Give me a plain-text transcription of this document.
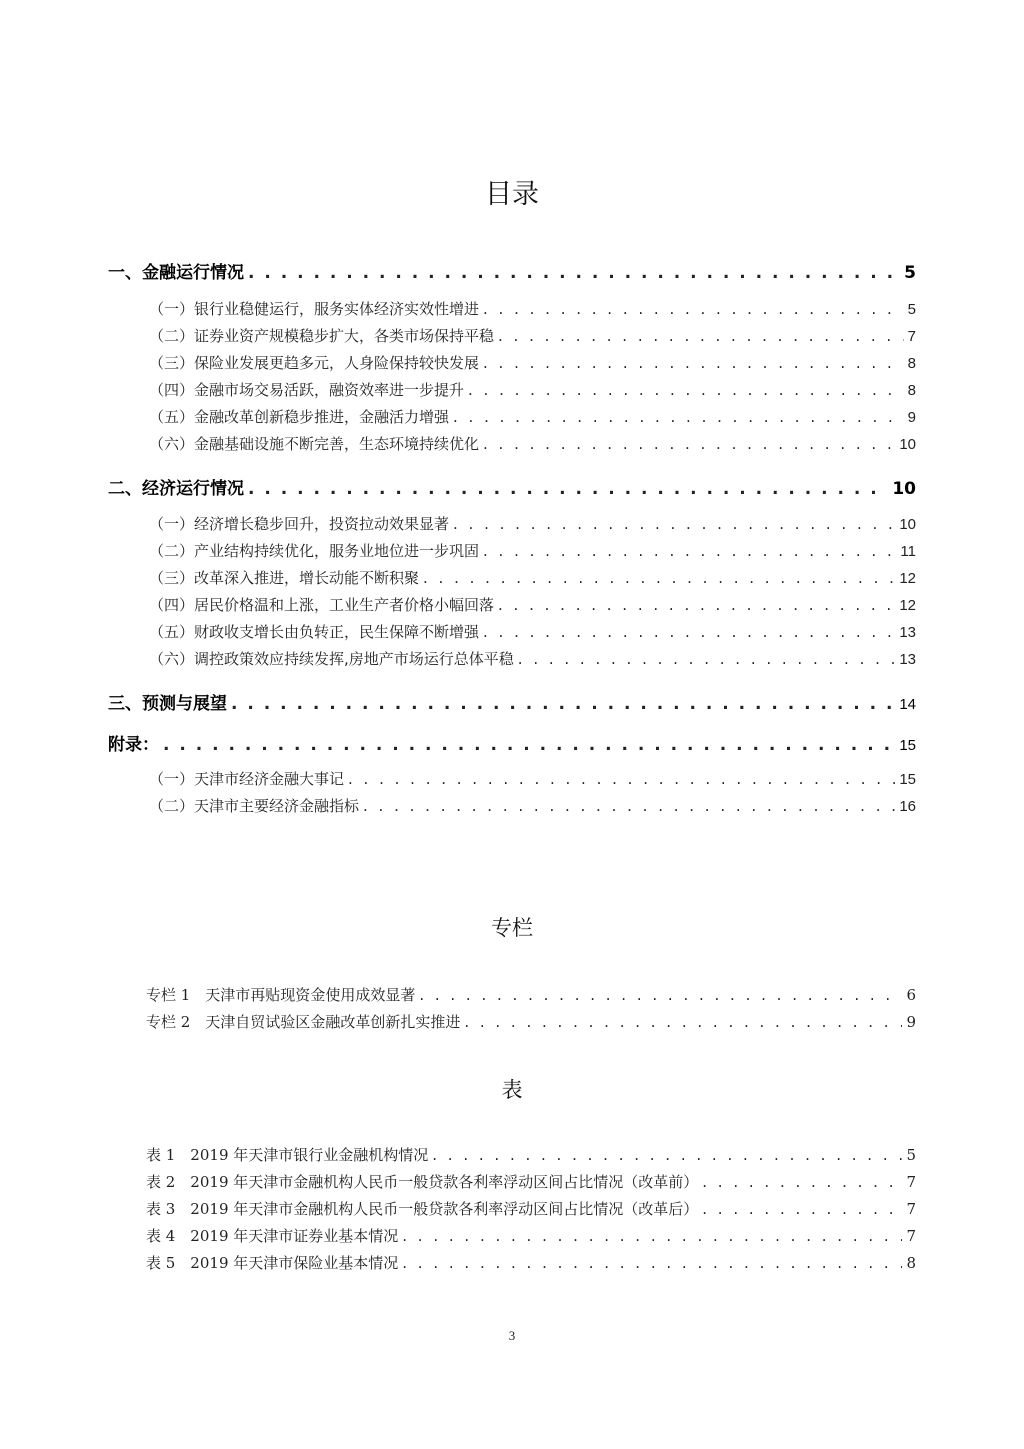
目录
一、金融运行情况 . . .	5
（一）银行业稳健运行，服务实体经济实效性增进 . . .	5
（二）证券业资产规模稳步扩大，各类市场保持平稳 . . .	7
（三）保险业发展更趋多元，人身险保持较快发展 . . .	8
（四）金融市场交易活跃，融资效率进一步提升 . . .	8
（五）金融改革创新稳步推进，金融活力增强 . . .	9
（六）金融基础设施不断完善，生态环境持续优化 . . .	10
二、经济运行情况 . . .	10
（一）经济增长稳步回升，投资拉动效果显著 . . .	10
（二）产业结构持续优化，服务业地位进一步巩固 . . .	11
（三）改革深入推进，增长动能不断积聚 . . .	12
（四）居民价格温和上涨，工业生产者价格小幅回落 . . .	12
（五）财政收支增长由负转正，民生保障不断增强 . . .	13
（六）调控政策效应持续发挥,房地产市场运行总体平稳 . . .	13
三、预测与展望 . . .	14
附录： . . .	15
（一）天津市经济金融大事记 . . .	15
（二）天津市主要经济金融指标 . . .	16
专栏
专栏 1　天津市再贴现资金使用成效显著 . . .	6
专栏 2　天津自贸试验区金融改革创新扎实推进 . . .	9
表
表 1　2019 年天津市银行业金融机构情况 . . .	5
表 2　2019 年天津市金融机构人民币一般贷款各利率浮动区间占比情况（改革前） . . .	7
表 3　2019 年天津市金融机构人民币一般贷款各利率浮动区间占比情况（改革后） . . .	7
表 4　2019 年天津市证券业基本情况 . . .	7
表 5　2019 年天津市保险业基本情况 . . .	8
3
